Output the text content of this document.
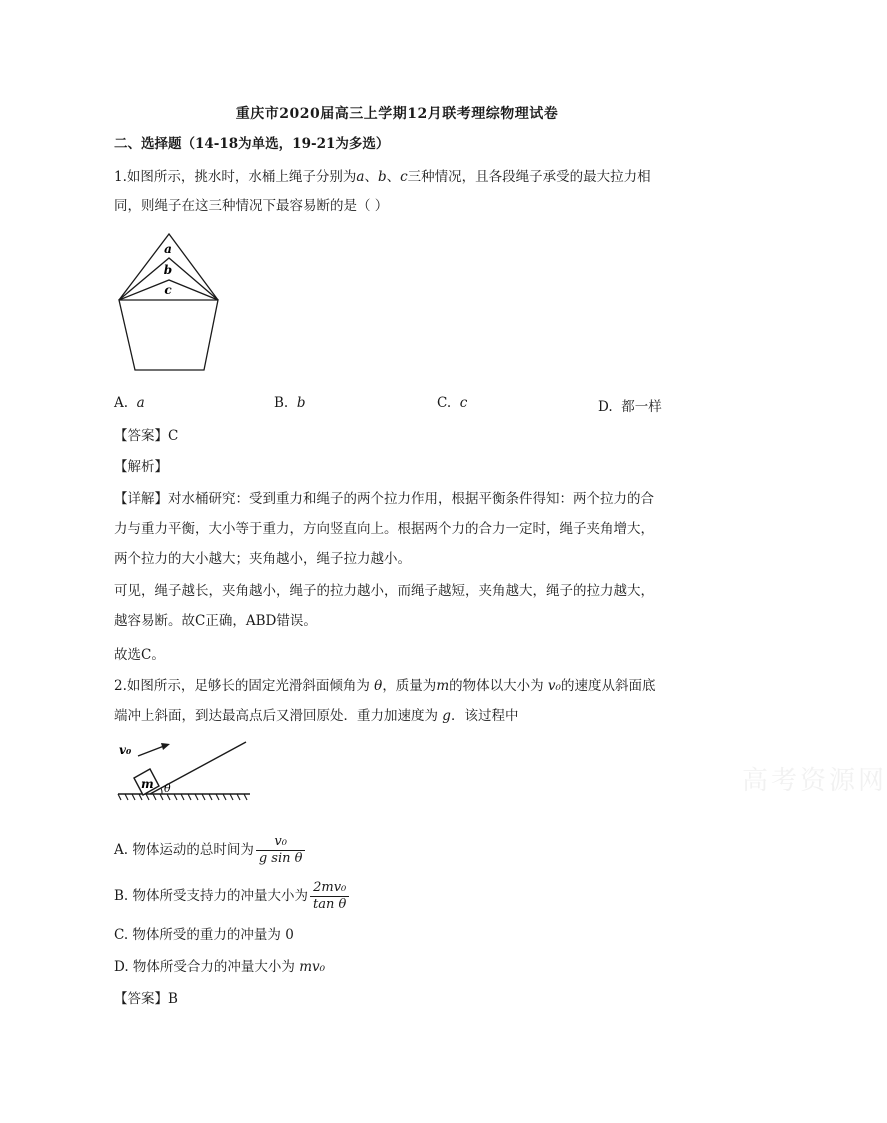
重庆市2020届高三上学期12月联考理综物理试卷
二、选择题（14-18为单选，19-21为多选）
1.如图所示，挑水时，水桶上绳子分别为a、b、c三种情况，且各段绳子承受的最大拉力相
同，则绳子在这三种情况下最容易断的是（ ）
a
b
c
A. a	B. b	C. c	D. 都一样
【答案】C
【解析】
【详解】对水桶研究：受到重力和绳子的两个拉力作用，根据平衡条件得知：两个拉力的合
力与重力平衡，大小等于重力，方向竖直向上。根据两个力的合力一定时，绳子夹角增大，
两个拉力的大小越大；夹角越小，绳子拉力越小。
可见，绳子越长，夹角越小，绳子的拉力越小，而绳子越短，夹角越大，绳子的拉力越大，
越容易断。故C正确，ABD错误。
故选C。
2.如图所示，足够长的固定光滑斜面倾角为 θ，质量为m的物体以大小为 v₀的速度从斜面底
端冲上斜面，到达最高点后又滑回原处．重力加速度为 g．该过程中
v₀
m θ
A. 物体运动的总时间为 $\frac{\text{v₀}}{\text{g sin θ}}$
B. 物体所受支持力的冲量大小为 $\frac{\text{2mv₀}}{\text{tan θ}}$
C. 物体所受的重力的冲量为 0
D. 物体所受合力的冲量大小为 mv₀
【答案】B
高考资源网
